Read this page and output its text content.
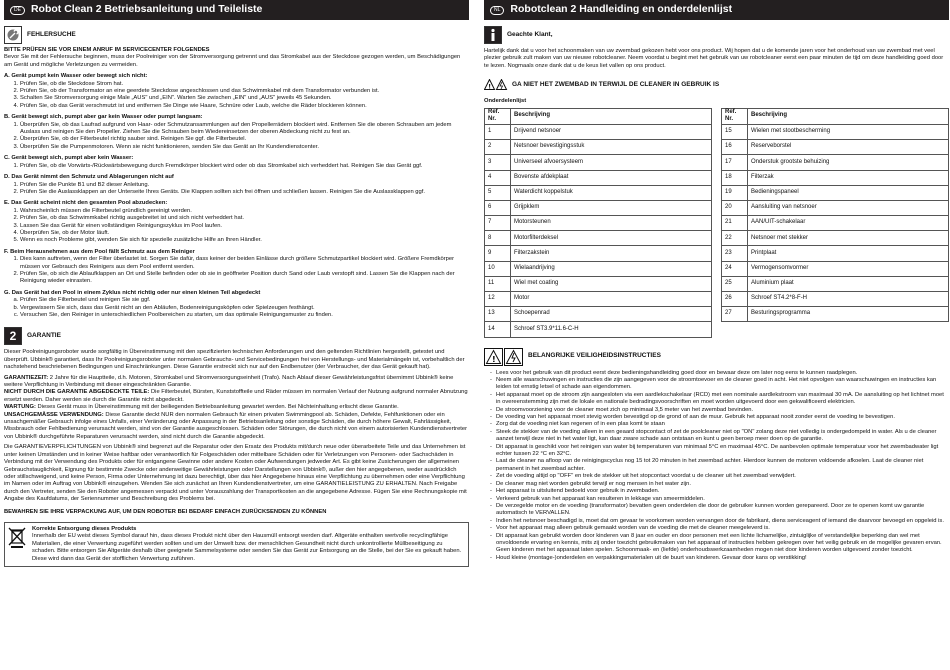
DE Robot Clean 2 Betriebsanleitung und Teileliste
FEHLERSUCHE

BITTE PRÜFEN SIE VOR EINEM ANRUF IM SERVICECENTER FOLGENDES

Bevor Sie mit der Fehlersuche beginnen, muss der Poolreiniger von der Stromversorgung getrennt und das Stromkabel aus der Steckdose gezogen werden, um Beschädigungen am Gerät und mögliche Verletzungen zu vermeiden.

A. Gerät pumpt kein Wasser oder bewegt sich nicht:

1. Prüfen Sie, ob die Steckdose Strom hat.
2. Prüfen Sie, ob der Transformator an eine geerdete Steckdose angeschlossen und das Schwimmkabel mit dem Transformator verbunden ist.
3. Schalten Sie Stromversorgung einige Male „AUS" und „EIN". Warten Sie zwischen „EIN" und „AUS" jeweils 45 Sekunden.
4. Prüfen Sie, ob das Gerät verschmutzt ist und entfernen Sie Dinge wie Haare, Schnüre oder Laub, welche die Räder blockieren können.

B. Gerät bewegt sich, pumpt aber gar kein Wasser oder pumpt langsam:

1. Überprüfen Sie, ob das Laufrad aufgrund von Haar- oder Schmutzansammlungen auf den Propellerrädern blockiert wird. Entfernen Sie die oberen Schrauben am jedem Auslass und reinigen Sie den Propeller. Ziehen Sie die Schrauben beim Wiedereinsetzen der oberen Abdeckung nicht zu fest an.
2. Überprüfen Sie, ob der Filterbeutel richtig sauber sind. Reinigen Sie ggf. die Filterbeutel.
3. Überprüfen Sie die Pumpenmotoren. Wenn sie nicht funktionieren, senden Sie das Gerät an Ihr Kundendienstcenter.

C. Gerät bewegt sich, pumpt aber kein Wasser:

1. Prüfen Sie, ob die Vorwärts-/Rückwärtsbewegung durch Fremdkörper blockiert wird oder ob das Stromkabel sich verheddert hat. Reinigen Sie das Gerät ggf.

D. Das Gerät nimmt den Schmutz und Ablagerungen nicht auf

1. Prüfen Sie die Punkte B1 und B2 dieser Anleitung.
2. Prüfen Sie die Auslassklappen an der Unterseite Ihres Geräts. Die Klappen sollten sich frei öffnen und schließen lassen. Reinigen Sie die Auslassklappen ggf.

E. Das Gerät scheint nicht den gesamten Pool abzudecken:

1. Wahrscheinlich müssen die Filterbeutel gründlich gereinigt werden.
2. Prüfen Sie, ob das Schwimmkabel richtig ausgebreitet ist und sich nicht verheddert hat.
3. Lassen Sie das Gerät für einen vollständigen Reinigungszyklus im Pool laufen.
4. Überprüfen Sie, ob der Motor läuft.
5. Wenn es noch Probleme gibt, wenden Sie sich für spezielle zusätzliche Hilfe an Ihren Händler.

F. Beim Herausnehmen aus dem Pool fällt Schmutz aus dem Reiniger

1. Dies kann auftreten, wenn der Filter überlastet ist. Sorgen Sie dafür, dass keiner der beiden Einlässe durch größere Schmutzpartikel blockiert wird. Größere Fremdkörper müssen vor Gebrauch des Reinigers aus dem Pool entfernt werden.
2. Prüfen Sie, ob sich die Ablaufklappen an Ort und Stelle befinden oder ob sie in geöffneter Position durch Sand oder Laub verstopft sind. Lassen Sie die Klappen nach der Reinigung wieder einrasten.

G. Das Gerät hat den Pool in einem Zyklus nicht richtig oder nur einen kleinen Teil abgedeckt

a. Prüfen Sie die Filterbeutel und reinigen Sie sie ggf.
b. Vergewissern Sie sich, dass das Gerät nicht an den Abläufen, Bodenreinigungsköpfen oder Spielzeugen festhängt.
c. Versuchen Sie, den Reiniger in unterschiedlichen Poolbereichen zu starten, um das optimale Reinigungsmuster zu finden.
2	GARANTIE

Dieser Poolreinigungsroboter wurde sorgfältig in Übereinstimmung mit den spezifizierten technischen Anforderungen und den geltenden Richtlinien hergestellt, getestet und überprüft. Ubbink® garantiert, dass Ihr Poolreinigungsroboter unter normalen Gebrauchs- und Servicebedingungen frei von Herstellungs- und Materialmängeln ist, vorbehaltlich der nachstehend beschriebenen Bedingungen und Einschränkungen. Diese Garantie erstreckt sich nur auf den Endbenutzer (der Verbraucher, der das Gerät gekauft hat).

GARANTIEZEIT: 2 Jahre für die Hauptteile, d.h. Motoren, Stromkabel und Stromversorgungseinheit (Trafo). Nach Ablauf dieser Gewährleistungsfrist übernimmt Ubbink® keine weitere Verpflichtung in Verbindung mit dieser eingeschränkten Garantie.

NICHT DURCH DIE GARANTIE ABGEDECKTE TEILE: Die Filterbeutel, Bürsten, Kunststoffteile und Räder müssen im normalen Verlauf der Nutzung aufgrund normaler Abnutzung ersetzt werden. Daher werden sie durch die Garantie nicht abgedeckt.

WARTUNG: Dieses Gerät muss in Übereinstimmung mit der beiliegenden Betriebsanleitung gewartet werden. Bei Nichteinhaltung erlischt diese Garantie.

UNSACHGEMÄSSE VERWENDUNG: Diese Garantie deckt NUR den normalen Gebrauch für einen privaten Swimmingpool ab. Schäden, Defekte, Fehlfunktionen oder ein unsachgemäßer Gebrauch infolge eines Unfalls, einer Veränderung oder Anpassung in der Betriebsanleitung oder sonstige Schäden, die durch höhere Gewalt, Fahrlässigkeit, Missbrauch oder Fehlbedienung verursacht werden, sind von der Garantie ausgeschlossen. Schäden oder Störungen, die durch nicht von einem autorisierten Kundendienstvertreter von Ubbink® durchgeführte Reparaturen verursacht werden, sind nicht durch die Garantie abgedeckt.

Die GARANTIEVERPFLICHTUNGEN von Ubbink® sind begrenzt auf die Reparatur oder den Ersatz des Produkts mit/durch neue oder überarbeitete Teile und das Unternehmen ist unter keinen Umständen und in keiner Weise haftbar oder verantwortlich für Folgeschäden oder mittelbare Schäden oder für Verletzungen von Personen- oder Sachschäden in Verbindung mit der Verwendung des Produkts oder für entgangene Gewinne oder andere Kosten oder Aufwendungen jedweder Art. Es gibt keine Zusicherungen der allgemeinen Gebrauchstauglichkeit, Eignung für bestimmte Zwecke oder anderweitige Gewährleistungen oder Darstellungen von Ubbink®, außer den hier angegebenen, weder ausdrücklich oder stillschweigend, und keine Person, Firma oder Unternehmung ist dazu berechtigt, über das hier Angegebene hinaus eine Verpflichtung zu übernehmen oder eine Verpflichtung im Namen oder im Auftrag von Ubbink® einzugehen. Wenden Sie sich zunächst an Ihren Kundendienstvertreter, um eine GARANTIELEISTUNG ZU ERHALTEN. Nach Freigabe durch den Vertreter, senden Sie den Roboter angemessen verpackt und unter Vorauszahlung der Transportkosten an die angegebene Adresse. Fügen Sie eine Rechnungskopie mit Angabe des Kaufdatums, der Seriennummer und Beschreibung des Problems bei.

BEWAHREN SIE IHRE VERPACKUNG AUF, UM DEN ROBOTER BEI BEDARF EINFACH ZURÜCKSENDEN ZU KÖNNEN

Korrekte Entsorgung dieses Produkts

Innerhalb der EU weist dieses Symbol darauf hin, dass dieses Produkt nicht über den Hausmüll entsorgt werden darf. Altgeräte enthalten wertvolle recyclingfähige Materialien, die einer Verwertung zugeführt werden sollten und um der Umwelt bzw. der menschlichen Gesundheit nicht durch unkontrollierte Müllbeseitigung zu schaden. Bitte entsorgen Sie Altgeräte deshalb über geeignete Sammelsysteme oder senden Sie das Gerät zur Entsorgung an die Stelle, bei der Sie es gekauft haben. Diese wird dann das Gerät der stofflichen Verwertung zuführen.

NL Robotclean 2 Handleiding en onderdelenlijst
Geachte Klant,

Hartelijk dank dat u voor het schoonmaken van uw zwembad gekozen hebt voor ons product. Wij hopen dat u de komende jaren voor het onderhoud van uw zwembad met veel plezier gebruik zult maken van uw nieuwe robotcleaner. Neem voordat u begint met het gebruik van uw robotcleaner eerst een paar minuten de tijd om deze handleiding goed door te lezen. Nogmaals onze dank dat u de keus liet vallen op ons product.

!	GA NIET HET ZWEMBAD IN TERWIJL DE CLEANER IN GEBRUIK IS

Onderdelenlijst

Ref. Nr.	Beschrijving
1	Drijvend netsnoer
2	Netsnoer bevestigingsstuk
3	Universeel afvoersysteem
4	Bovenste afdekplaat
5	Waterdicht koppelstuk
6	Grijpklem
7	Motorsteunen
8	Motorfilterdeksel
9	Filterzakstein
10	Wielaandrijving
11	Wiel met coating
12	Motor
13	Schoepenrad
14	Schroef ST3.9*11.6-C-H
Ref. Nr.	Beschrijving
15	Wielen met stootbescherming
16	Reserveborstel
17	Onderstuk grootste behuizing
18	Filterzak
19	Bedieningspaneel
20	Aansluiting van netsnoer
21	AAN/UIT-schakelaar
22	Netsnoer met stekker
23	Printplaat
24	Vermogensomvormer
25	Aluminium plaat
26	Schroef ST4.2*8-F-H
27	Besturingsprogramma
!	BELANGRIJKE VEILIGHEIDSINSTRUCTIES
- Lees voor het gebruik van dit product eerst deze bedieningshandleiding goed door en bewaar deze om later nog eens te kunnen raadplegen.
- Neem alle waarschuwingen en instructies die zijn aangegeven voor de stroomtoevoer en de cleaner goed in acht. Het niet opvolgen van waarschuwingen en instructies kan leiden tot ernstig letsel of schade aan eigendommen.
- Het apparaat moet op de stroom zijn aangesloten via een aardlekschakelaar (RCD) met een nominale aardlekstroom van maximaal 30 mA. De aansluiting op het lichtnet moet in overeenstemming zijn met de lokale en nationale bedradingsvoorschriften en moet worden uitgevoerd door een gekwalificeerd elektricien.
- De stroomvoorziening voor de cleaner moet zich op minimaal 3,5 meter van het zwembad bevinden.
- De voeding van het apparaat moet stevig worden bevestigd op de grond of aan de muur. Gebruik het apparaat nooit zonder eerst de voeding te bevestigen.
- Zorg dat de voeding niet kan regenen of in een plas komt te staan
- Steek de stekker van de voeding alleen in een geaard stopcontact of zet de poolcleaner niet op "ON" zolang deze niet volledig is ondergedompeld in water. Als u de cleaner aanzet terwijl deze niet in het water ligt, kan daar zware schade aan ontstaan en kunt u geen beroep meer doen op de garantie.
- Dit apparaat is geschikt voor het reinigen van water bij temperaturen van minimaal 5°C en maximaal 45°C. De aanbevolen optimale temperatuur voor het zwembadwater ligt echter tussen 22 °C en 32°C.
- Laat de cleaner na afloop van de reinigingscyclus nog 15 tot 20 minuten in het zwembad achter. Hierdoor kunnen de motoren voldoende afkoelen. Laat de cleaner niet permanent in het zwembad achter.
- Zet de voeding altijd op "OFF" en trek de stekker uit het stopcontact voordat u de cleaner uit het zwembad verwijdert.
- De cleaner mag niet worden gebruikt terwijl er nog mensen in het water zijn.
- Het apparaat is uitsluitend bedoeld voor gebruik in zwembaden.
- Verkeerd gebruik van het apparaat kan resulteren in lekkage van smeermiddelen.
- De verzegelde motor en de voeding (transformator) bevatten geen onderdelen die door de gebruiker kunnen worden gerepareerd. Door ze te openen komt uw garantie automatisch te VERVALLEN.
- Indien het netsnoer beschadigd is, moet dat om gevaar te voorkomen worden vervangen door de fabrikant, diens serviceagent of iemand die daarvoor bevoegd en opgeleid is.
- Voor het apparaat mag alleen gebruik gemaakt worden van de voeding die met de cleaner meegeleverd is.
- Dit apparaat kan gebruikt worden door kinderen van 8 jaar en ouder en door personen met een lichte lichamelijke, zintuiglijke of verstandelijke beperking dan wel met onvoldoende ervaring en kennis, mits zij onder toezicht gebruikmaken van het apparaat of instructies hebben gekregen over het veilig gebruik en de mogelijke gevaren ervan. Geen kinderen met het apparaat laten spelen. Schoonmaak- en (liefde) onderhoudswerkzaamheden mogen niet door kinderen worden uitgevoerd zonder toezicht.
- Houd kleine (montage-)onderdelen en verpakkingsmaterialen uit de buurt van kinderen. Gevaar door kans op verstikking!
